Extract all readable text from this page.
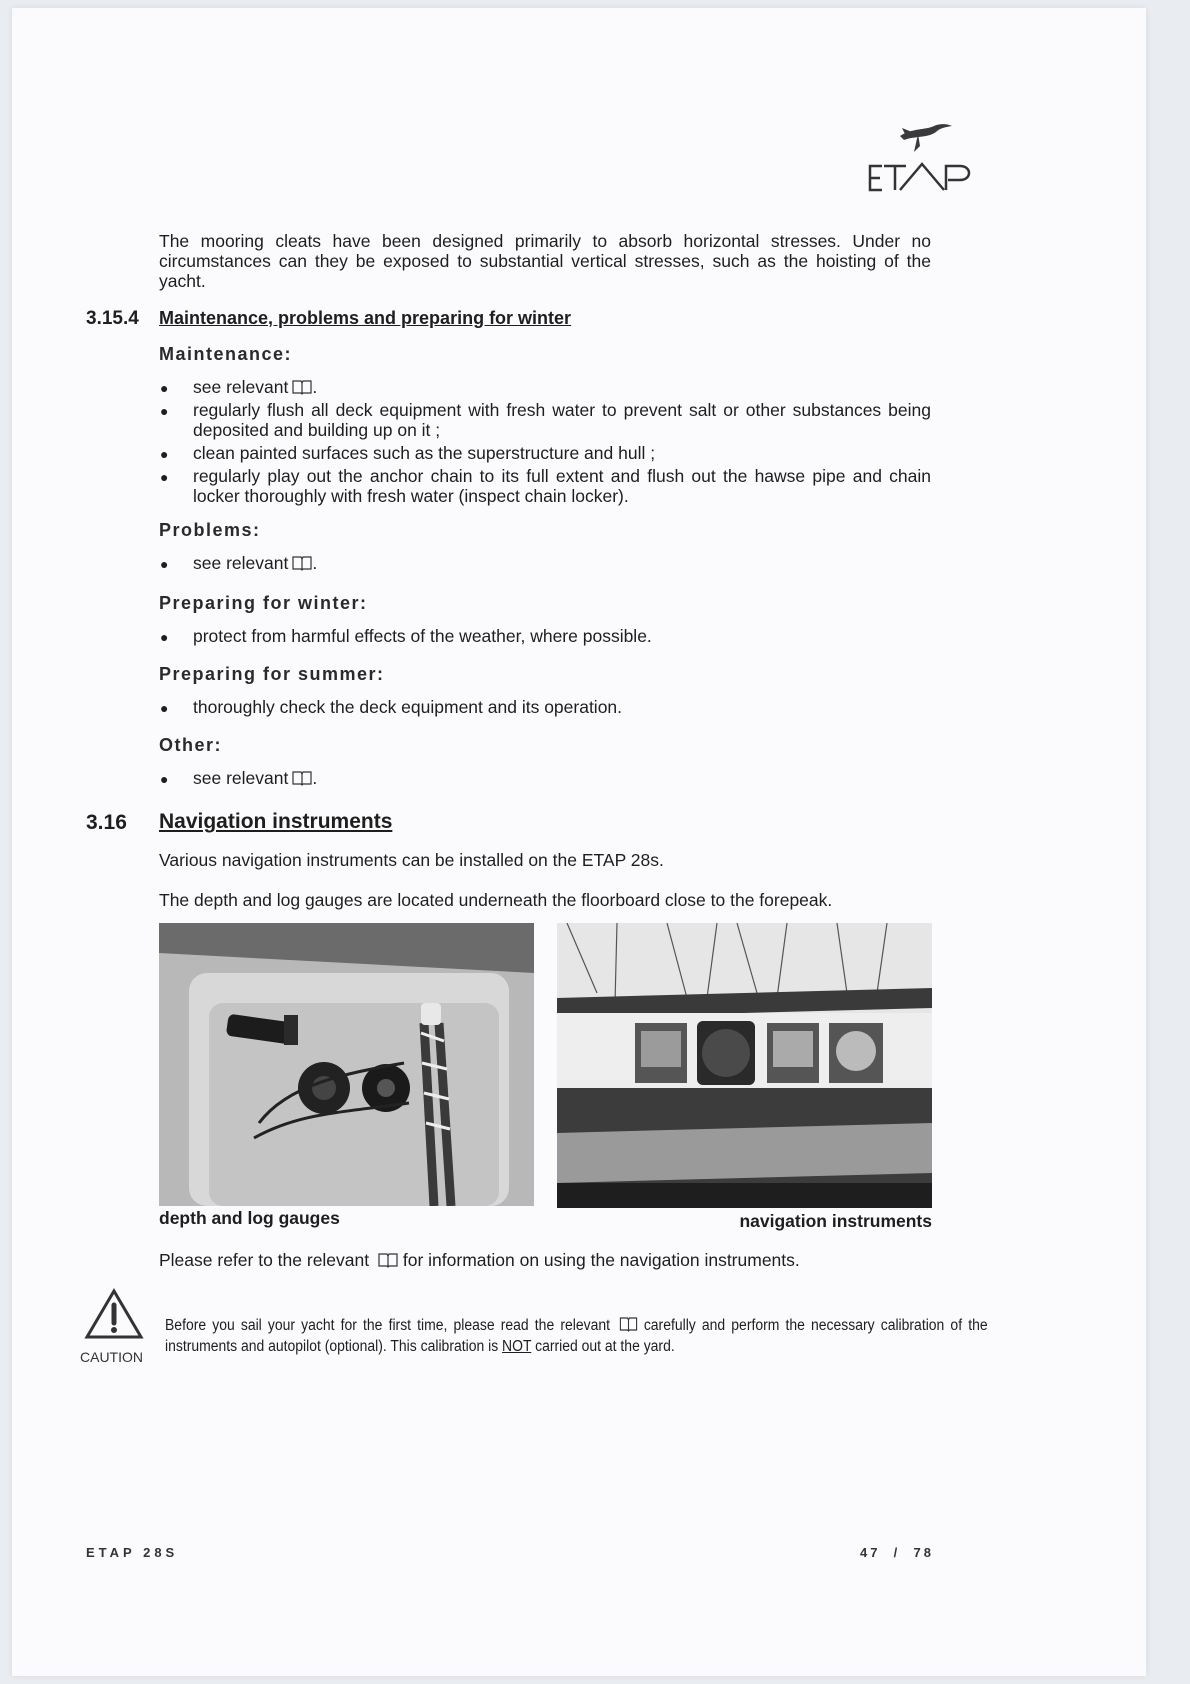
The mooring cleats have been designed primarily to absorb horizontal stresses. Under no circumstances can they be exposed to substantial vertical stresses, such as the hoisting of the yacht.
3.15.4 Maintenance, problems and preparing for winter
Maintenance:
● see relevant .
● regularly flush all deck equipment with fresh water to prevent salt or other substances being deposited and building up on it ;
● clean painted surfaces such as the superstructure and hull ;
● regularly play out the anchor chain to its full extent and flush out the hawse pipe and chain locker thoroughly with fresh water (inspect chain locker).
Problems:
● see relevant .
Preparing for winter:
● protect from harmful effects of the weather, where possible.
Preparing for summer:
● thoroughly check the deck equipment and its operation.
Other:
● see relevant .
3.16 Navigation instruments
Various navigation instruments can be installed on the ETAP 28s.
The depth and log gauges are located underneath the floorboard close to the forepeak.
depth and log gauges	navigation instruments
Please refer to the relevant for information on using the navigation instruments.
CAUTION
Before you sail your yacht for the first time, please read the relevant carefully and perform the necessary calibration of the instruments and autopilot (optional). This calibration is NOT carried out at the yard.
ETAP 28S	47 / 78
